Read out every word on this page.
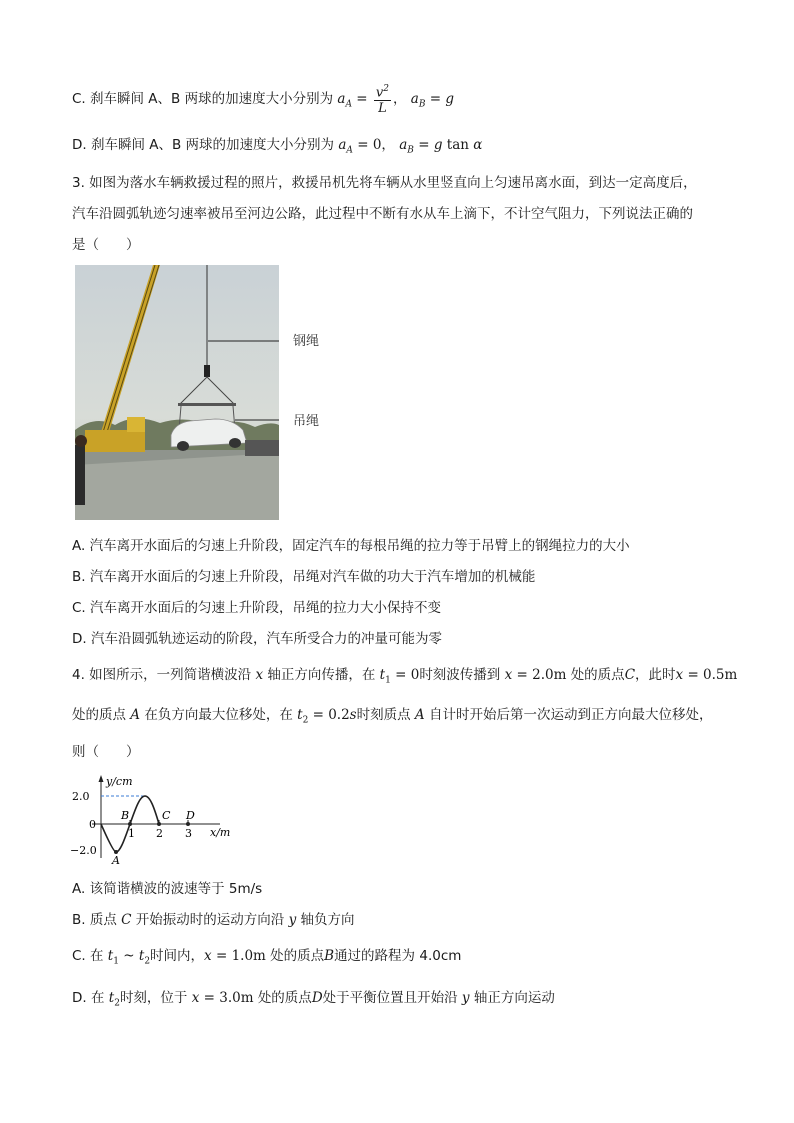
C. 刹车瞬间 A、B 两球的加速度大小分别为 $a_A = \frac{v^2}{L}$ ， $a_B = g$
D. 刹车瞬间 A、B 两球的加速度大小分别为 $a_A = 0$， $a_B = g$ tan α
3. 如图为落水车辆救援过程的照片，救援吊机先将车辆从水里竖直向上匀速吊离水面，到达一定高度后，
汽车沿圆弧轨迹匀速率被吊至河边公路，此过程中不断有水从车上滴下，不计空气阻力，下列说法正确的
是（　　）
钢绳
吊绳
A. 汽车离开水面后的匀速上升阶段，固定汽车的每根吊绳的拉力等于吊臂上的钢绳拉力的大小
B. 汽车离开水面后的匀速上升阶段，吊绳对汽车做的功大于汽车增加的机械能
C. 汽车离开水面后的匀速上升阶段，吊绳的拉力大小保持不变
D. 汽车沿圆弧轨迹运动的阶段，汽车所受合力的冲量可能为零
4. 如图所示，一列简谐横波沿 x 轴正方向传播，在 $t_1 = 0$时刻波传播到 x = 2.0m 处的质点C，此时x = 0.5m
处的质点 A 在负方向最大位移处，在 $t_2 = 0.2s$时刻质点 A 自计时开始后第一次运动到正方向最大位移处，
则（　　）
y/cm
x/m
2.0
0
−2.0
1 2 3
A
B	C D
A. 该简谐横波的波速等于 5m/s
B. 质点 C 开始振动时的运动方向沿 y 轴负方向
C. 在 $t_1$ ~ $t_2$时间内，x = 1.0m 处的质点B通过的路程为 4.0cm
D. 在 $t_2$时刻，位于 x = 3.0m 处的质点D处于平衡位置且开始沿 y 轴正方向运动
